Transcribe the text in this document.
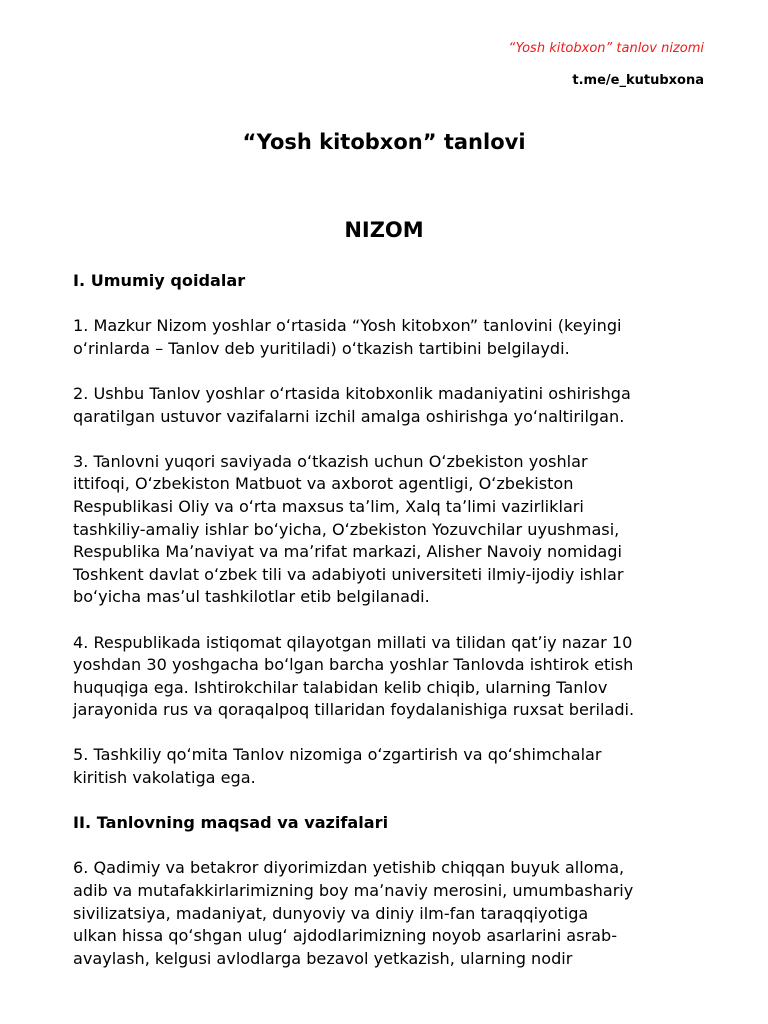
“Yosh kitobxon” tanlov nizomi
t.me/e_kutubxona
“Yosh kitobxon” tanlovi
NIZOM
I. Umumiy qoidalar
1. Mazkur Nizom yoshlar oʻrtasida “Yosh kitobxon” tanlovini (keyingi
oʻrinlarda – Tanlov deb yuritiladi) oʻtkazish tartibini belgilaydi.
2. Ushbu Tanlov yoshlar oʻrtasida kitobxonlik madaniyatini oshirishga
qaratilgan ustuvor vazifalarni izchil amalga oshirishga yoʻnaltirilgan.
3. Tanlovni yuqori saviyada oʻtkazish uchun Oʻzbekiston yoshlar
ittifoqi, Oʻzbekiston Matbuot va axborot agentligi, Oʻzbekiston
Respublikasi Oliy va oʻrta maxsus taʼlim, Xalq taʼlimi vazirliklari
tashkiliy-amaliy ishlar boʻyicha, Oʻzbekiston Yozuvchilar uyushmasi,
Respublika Maʼnaviyat va maʼrifat markazi, Alisher Navoiy nomidagi
Toshkent davlat oʻzbek tili va adabiyoti universiteti ilmiy-ijodiy ishlar
boʻyicha masʼul tashkilotlar etib belgilanadi.
4. Respublikada istiqomat qilayotgan millati va tilidan qatʼiy nazar 10
yoshdan 30 yoshgacha boʻlgan barcha yoshlar Tanlovda ishtirok etish
huquqiga ega. Ishtirokchilar talabidan kelib chiqib, ularning Tanlov
jarayonida rus va qoraqalpoq tillaridan foydalanishiga ruxsat beriladi.
5. Tashkiliy qoʻmita Tanlov nizomiga oʻzgartirish va qoʻshimchalar
kiritish vakolatiga ega.
II. Tanlovning maqsad va vazifalari
6. Qadimiy va betakror diyorimizdan yetishib chiqqan buyuk alloma,
adib va mutafakkirlarimizning boy maʼnaviy merosini, umumbashariy
sivilizatsiya, madaniyat, dunyoviy va diniy ilm-fan taraqqiyotiga
ulkan hissa qoʻshgan ulugʻ ajdodlarimizning noyob asarlarini asrab-
avaylash, kelgusi avlodlarga bezavol yetkazish, ularning nodir
